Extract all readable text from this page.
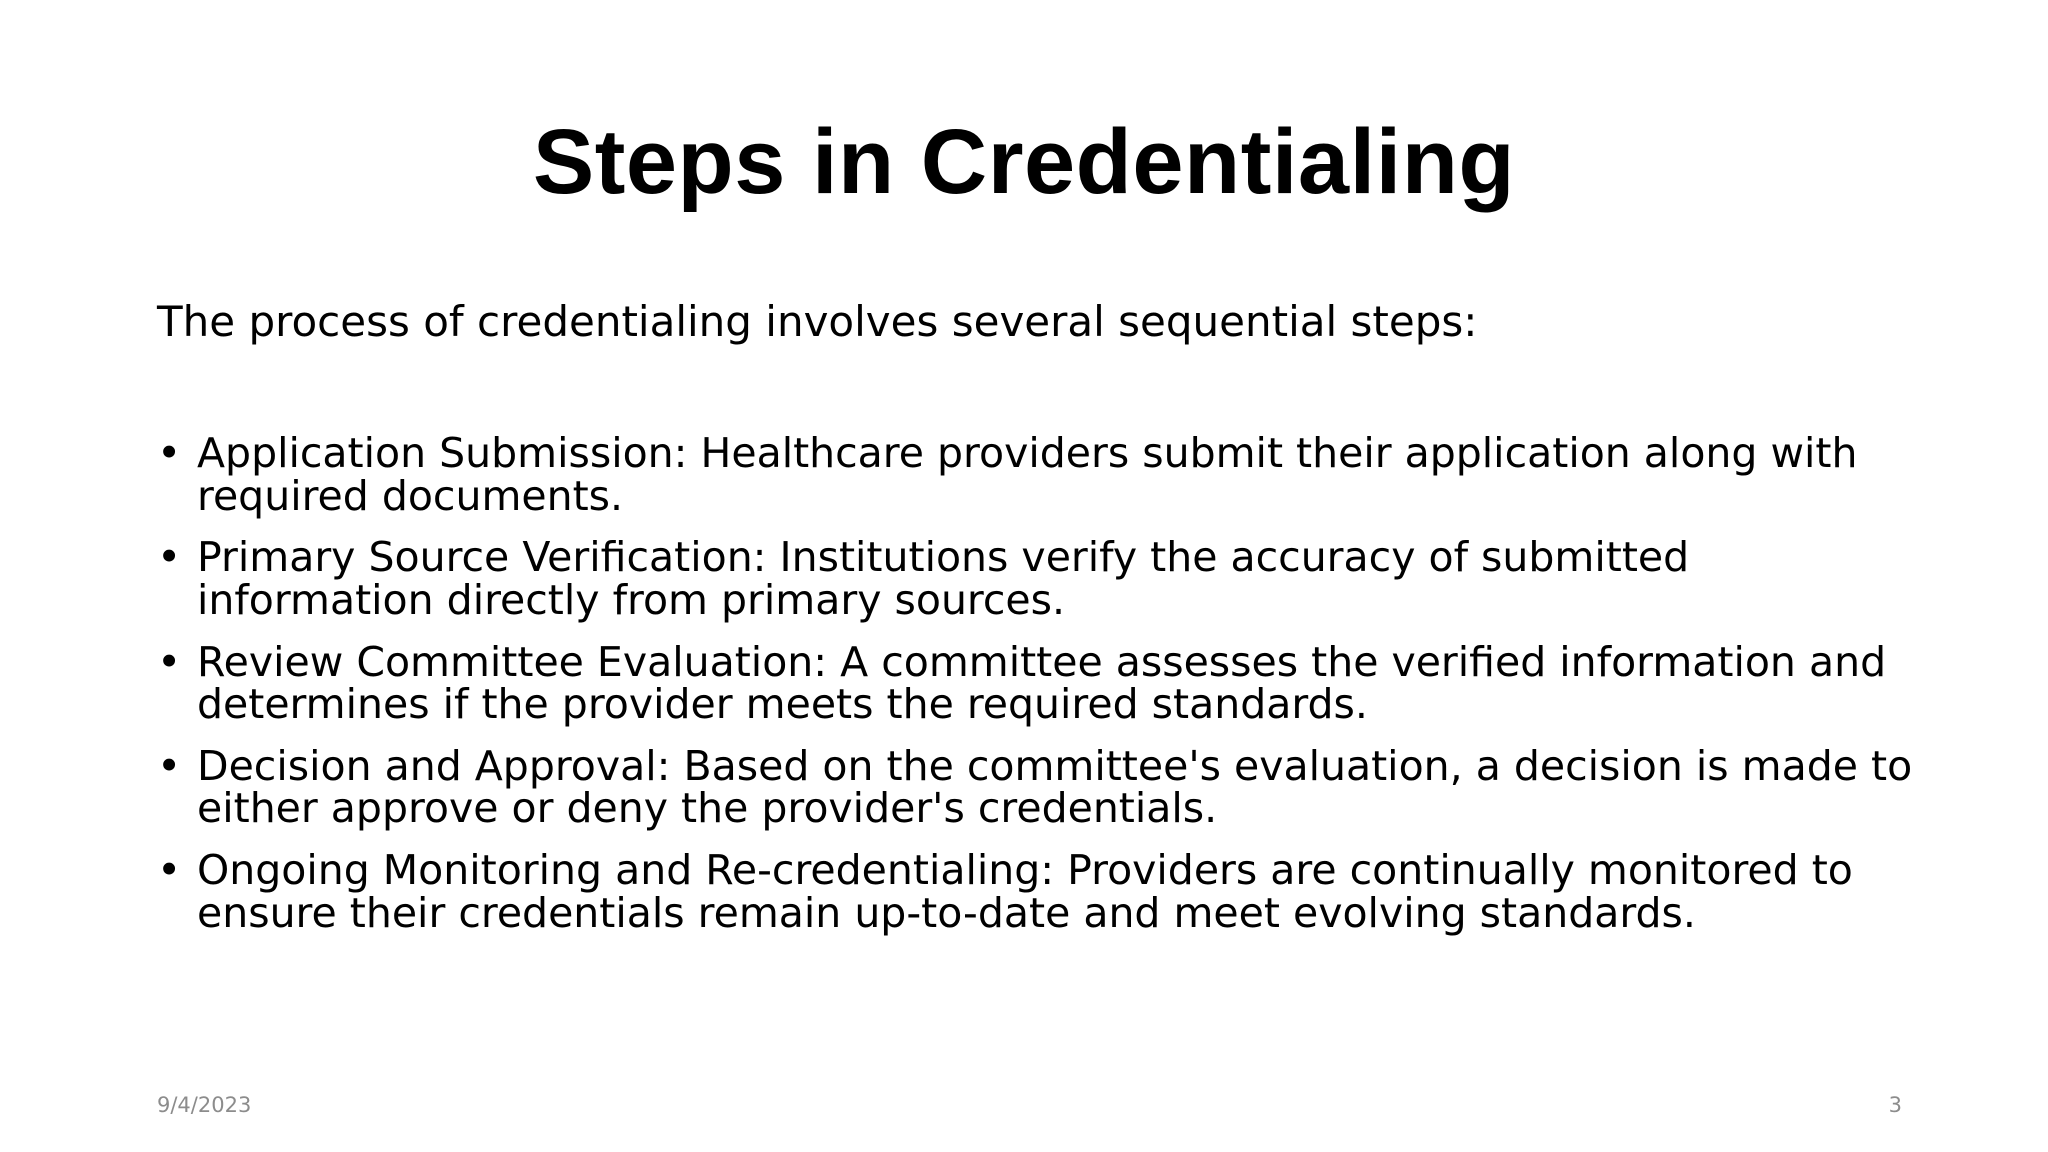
Steps in Credentialing

The process of credentialing involves several sequential steps:

• Application Submission: Healthcare providers submit their application along with required documents.
• Primary Source Verification: Institutions verify the accuracy of submitted information directly from primary sources.
• Review Committee Evaluation: A committee assesses the verified information and determines if the provider meets the required standards.
• Decision and Approval: Based on the committee's evaluation, a decision is made to either approve or deny the provider's credentials.
• Ongoing Monitoring and Re-credentialing: Providers are continually monitored to ensure their credentials remain up-to-date and meet evolving standards.
9/4/2023	3
